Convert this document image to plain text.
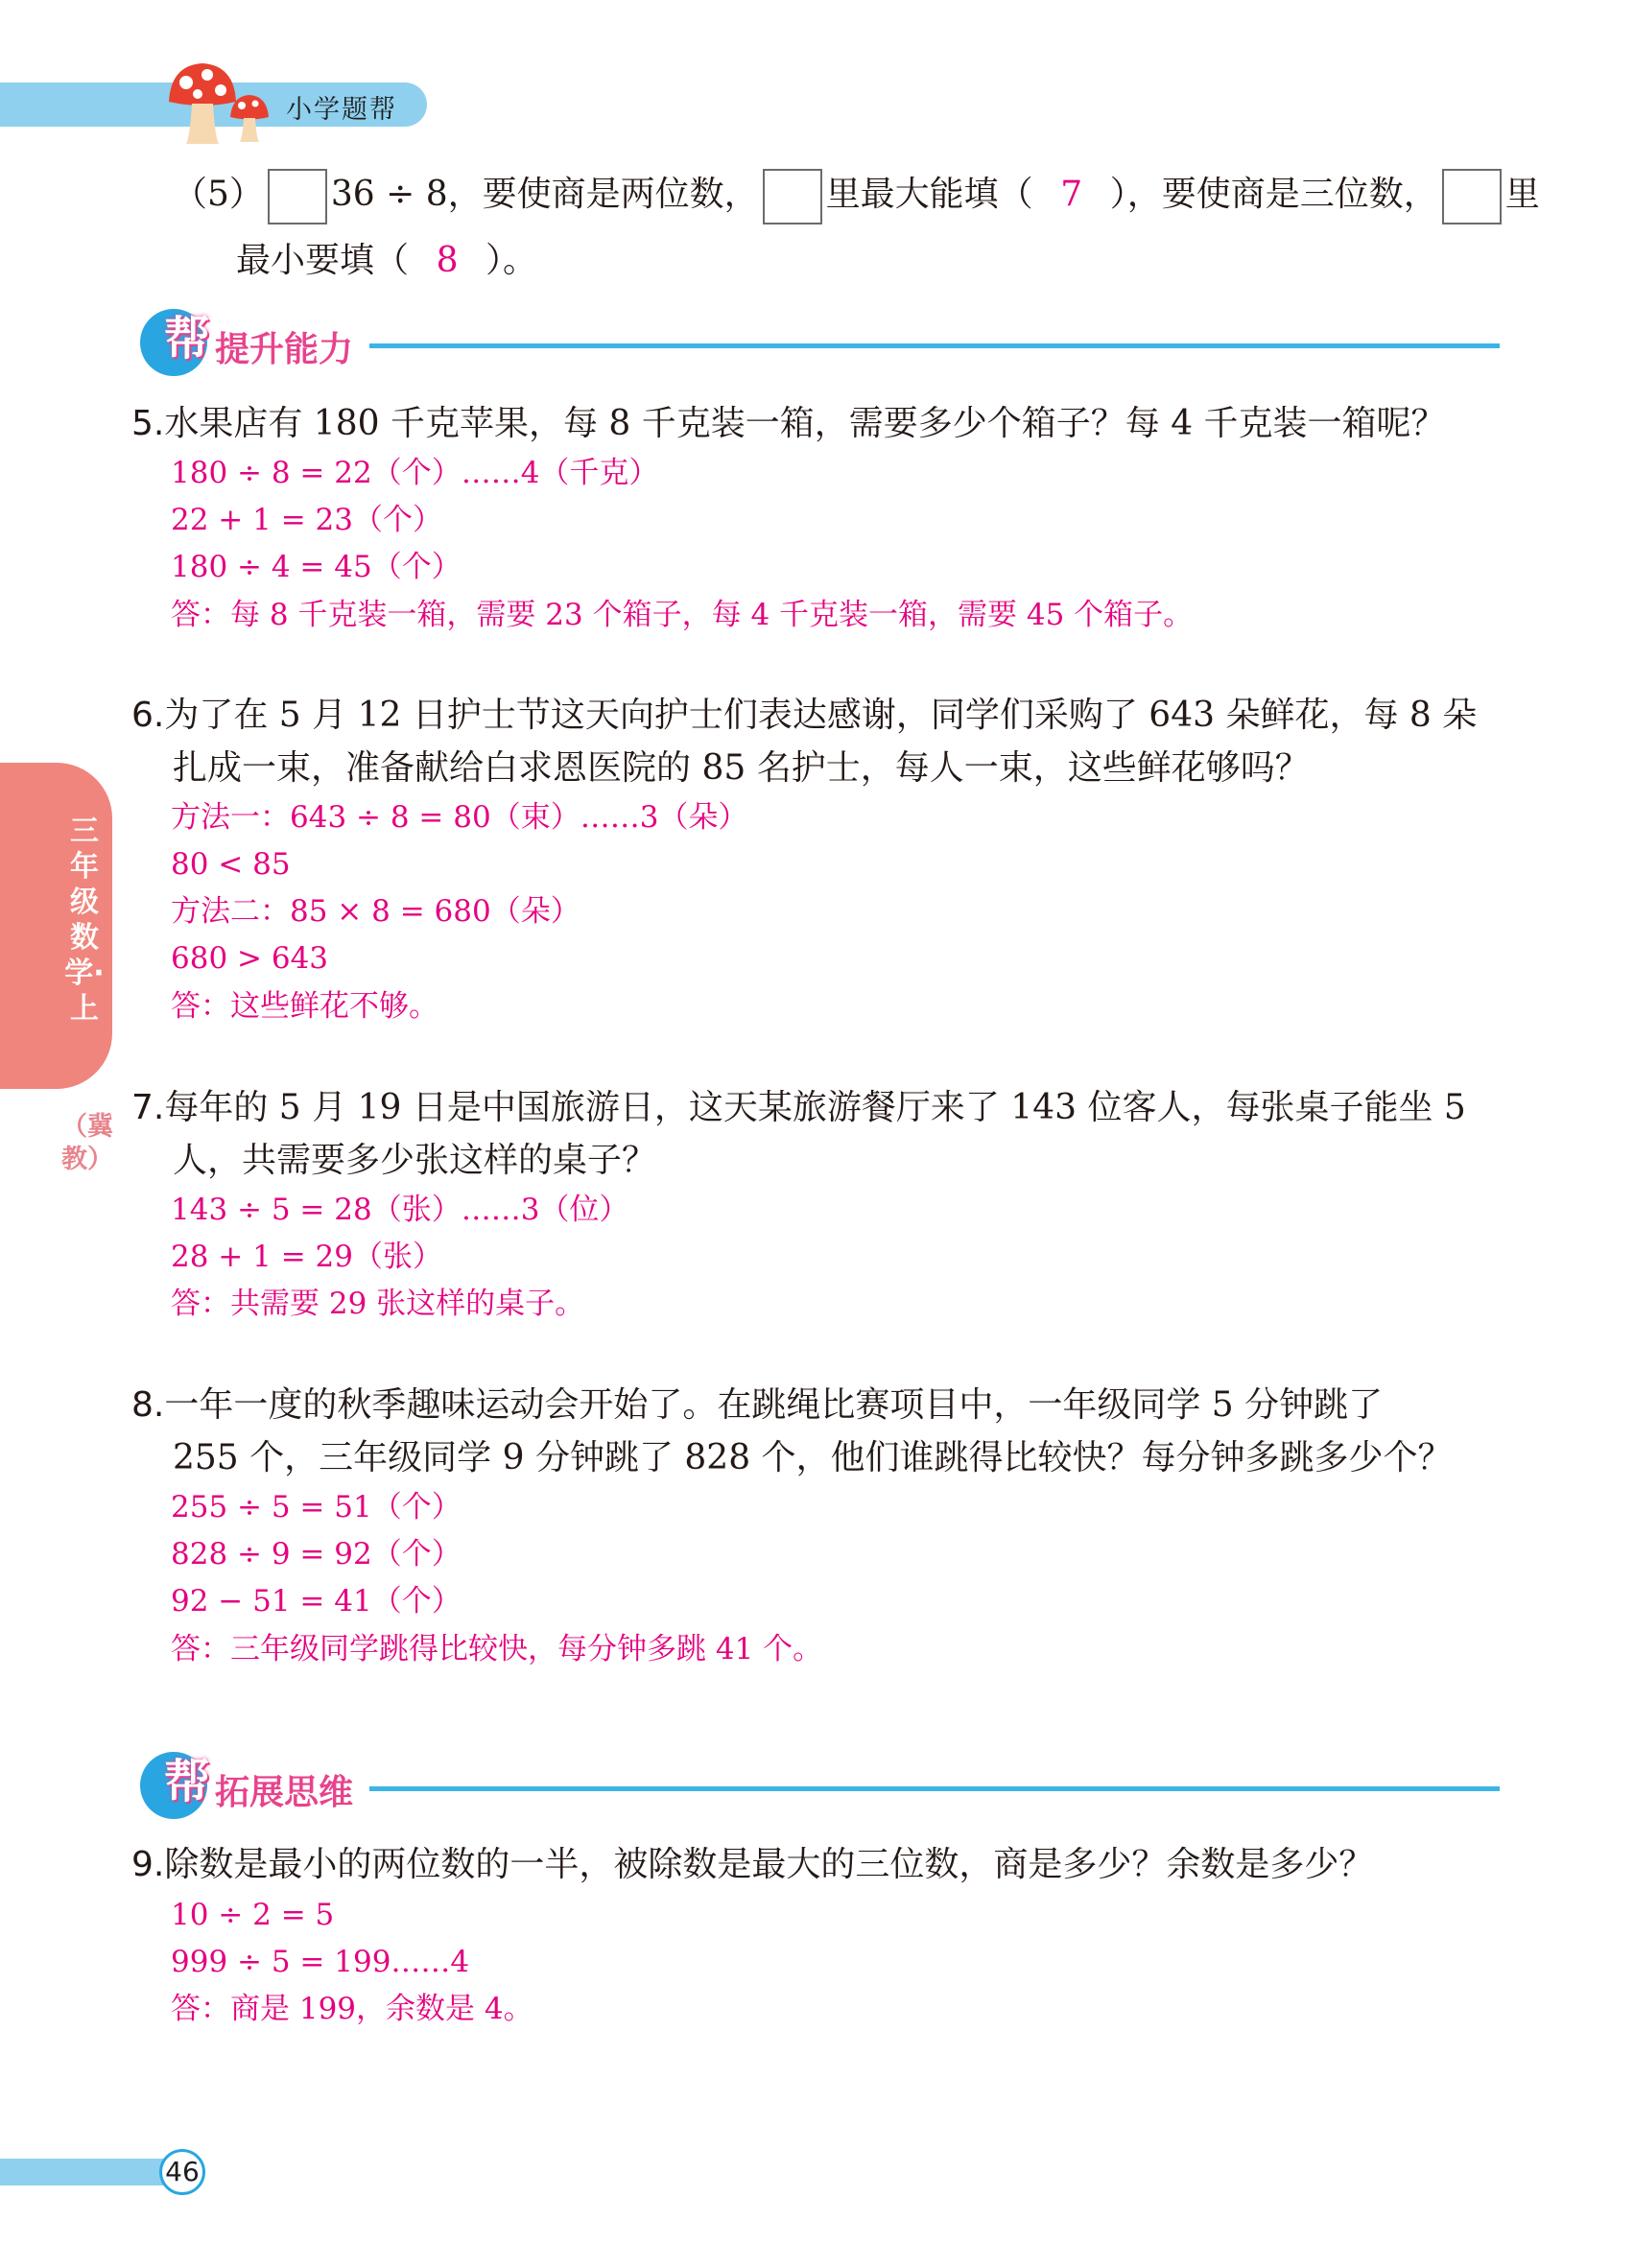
小学题帮
三年级数学·上
（冀教）
（5） 36 ÷ 8，要使商是两位数， 里最大能填（ 7 ），要使商是三位数， 里
最小要填（ 8 ）。
帮 提升能力
5.水果店有 180 千克苹果，每 8 千克装一箱，需要多少个箱子？每 4 千克装一箱呢？
180 ÷ 8 = 22（个）……4（千克）
22 + 1 = 23（个）
180 ÷ 4 = 45（个）
答：每 8 千克装一箱，需要 23 个箱子，每 4 千克装一箱，需要 45 个箱子。
6.为了在 5 月 12 日护士节这天向护士们表达感谢，同学们采购了 643 朵鲜花，每 8 朵
扎成一束，准备献给白求恩医院的 85 名护士，每人一束，这些鲜花够吗？
方法一：643 ÷ 8 = 80（束）……3（朵）
80 < 85
方法二：85 × 8 = 680（朵）
680 > 643
答：这些鲜花不够。
7.每年的 5 月 19 日是中国旅游日，这天某旅游餐厅来了 143 位客人，每张桌子能坐 5
人，共需要多少张这样的桌子？
143 ÷ 5 = 28（张）……3（位）
28 + 1 = 29（张）
答：共需要 29 张这样的桌子。
8.一年一度的秋季趣味运动会开始了。在跳绳比赛项目中，一年级同学 5 分钟跳了
255 个，三年级同学 9 分钟跳了 828 个，他们谁跳得比较快？每分钟多跳多少个？
255 ÷ 5 = 51（个）
828 ÷ 9 = 92（个）
92 − 51 = 41（个）
答：三年级同学跳得比较快，每分钟多跳 41 个。
帮 拓展思维
9.除数是最小的两位数的一半，被除数是最大的三位数，商是多少？余数是多少？
10 ÷ 2 = 5
999 ÷ 5 = 199……4
答：商是 199，余数是 4。
46
